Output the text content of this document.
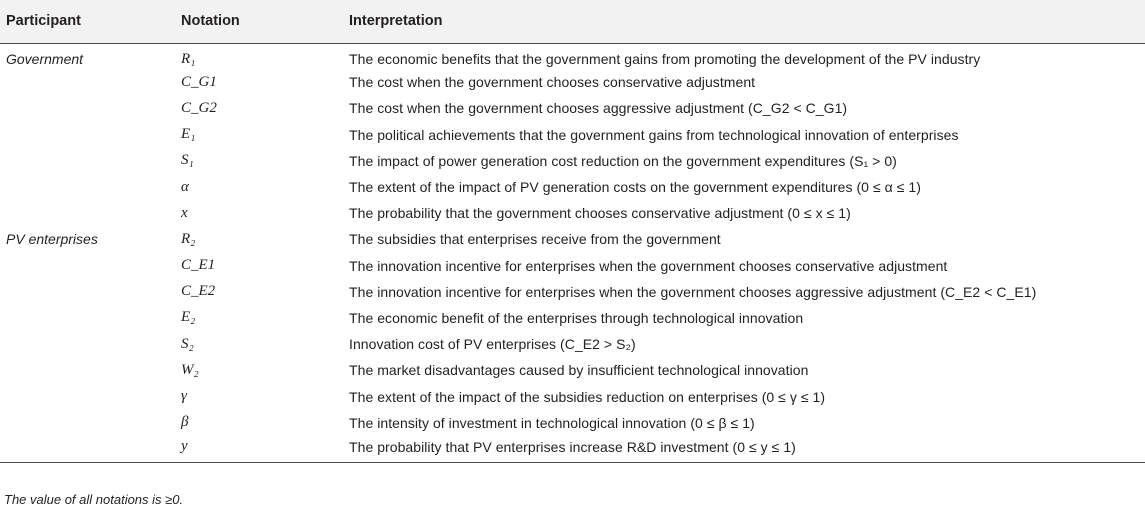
Participant	Notation	Interpretation
Government	R₁	The economic benefits that the government gains from promoting the development of the PV industry
	C_G1	The cost when the government chooses conservative adjustment
	C_G2	The cost when the government chooses aggressive adjustment (C_G2 < C_G1)
	E₁	The political achievements that the government gains from technological innovation of enterprises
	S₁	The impact of power generation cost reduction on the government expenditures (S₁ > 0)
	α	The extent of the impact of PV generation costs on the government expenditures (0 ≤ α ≤ 1)
	x	The probability that the government chooses conservative adjustment (0 ≤ x ≤ 1)
PV enterprises	R₂	The subsidies that enterprises receive from the government
	C_E1	The innovation incentive for enterprises when the government chooses conservative adjustment
	C_E2	The innovation incentive for enterprises when the government chooses aggressive adjustment (C_E2 < C_E1)
	E₂	The economic benefit of the enterprises through technological innovation
	S₂	Innovation cost of PV enterprises (C_E2 > S₂)
	W₂	The market disadvantages caused by insufficient technological innovation
	γ	The extent of the impact of the subsidies reduction on enterprises (0 ≤ γ ≤ 1)
	β	The intensity of investment in technological innovation (0 ≤ β ≤ 1)
	y	The probability that PV enterprises increase R&D investment (0 ≤ y ≤ 1)
The value of all notations is ≥0.
